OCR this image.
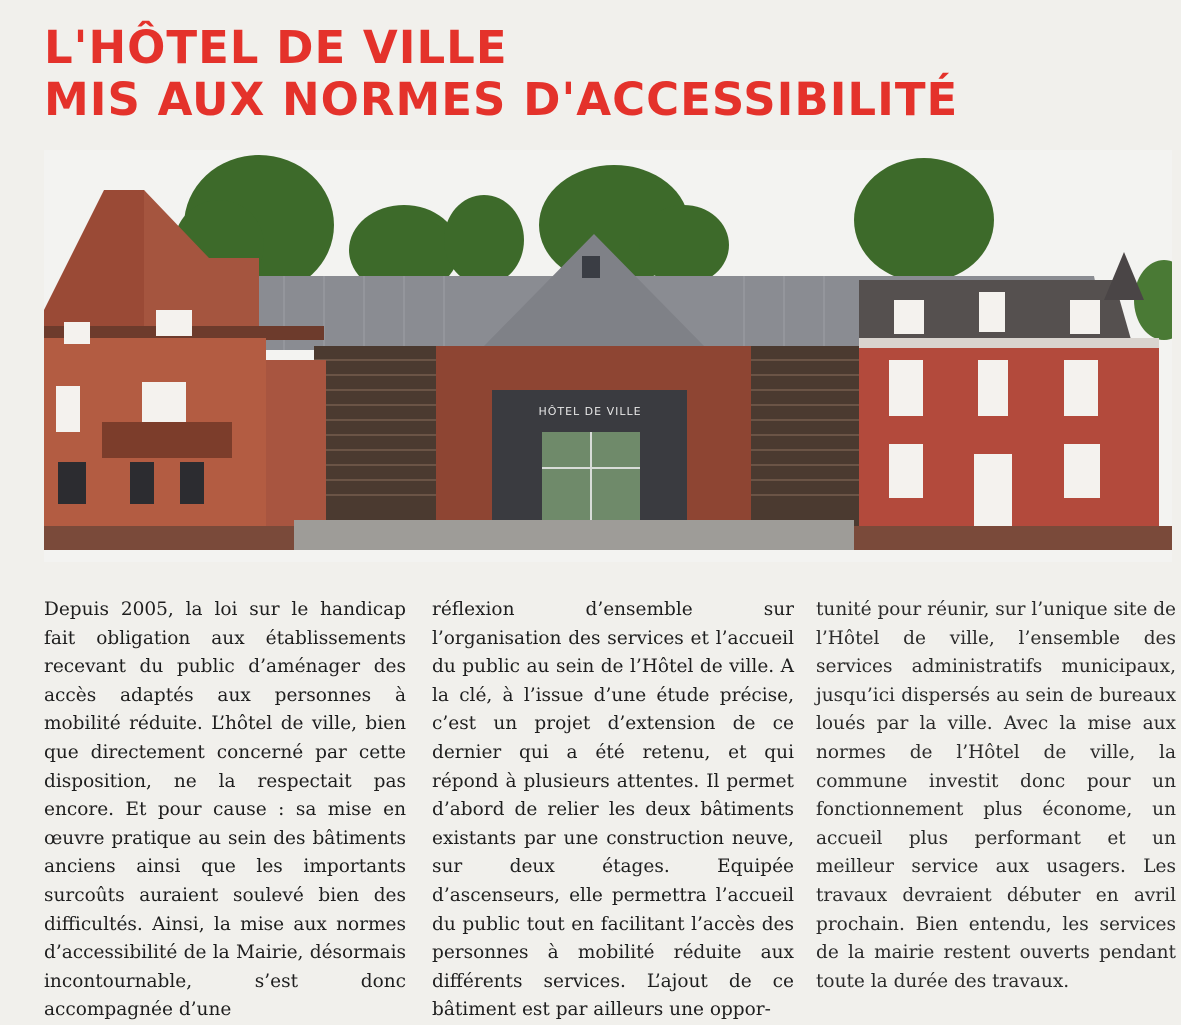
L'HÔTEL DE VILLE
MIS AUX NORMES D'ACCESSIBILITÉ
HÔTEL DE VILLE

Depuis 2005, la loi sur le handicap fait obligation aux établissements recevant du public d’aménager des accès adaptés aux personnes à mobilité réduite. L’hôtel de ville, bien que directement concerné par cette disposition, ne la respectait pas encore. Et pour cause : sa mise en œuvre pratique au sein des bâtiments anciens ainsi que les importants surcoûts auraient soulevé bien des difficultés. Ainsi, la mise aux normes d’accessibilité de la Mairie, désormais incontournable, s’est donc accompagnée d’une

réflexion d’ensemble sur l’organisation des services et l’accueil du public au sein de l’Hôtel de ville. A la clé, à l’issue d’une étude précise, c’est un projet d’extension de ce dernier qui a été retenu, et qui répond à plusieurs attentes. Il permet d’abord de relier les deux bâtiments existants par une construction neuve, sur deux étages. Equipée d’ascenseurs, elle permettra l’accueil du public tout en facilitant l’accès des personnes à mobilité réduite aux différents services. L’ajout de ce bâtiment est par ailleurs une oppor-

tunité pour réunir, sur l’unique site de l’Hôtel de ville, l’ensemble des services administratifs municipaux, jusqu’ici dispersés au sein de bureaux loués par la ville. Avec la mise aux normes de l’Hôtel de ville, la commune investit donc pour un fonctionnement plus économe, un accueil plus performant et un meilleur service aux usagers. Les travaux devraient débuter en avril prochain. Bien entendu, les services de la mairie restent ouverts pendant toute la durée des travaux.
